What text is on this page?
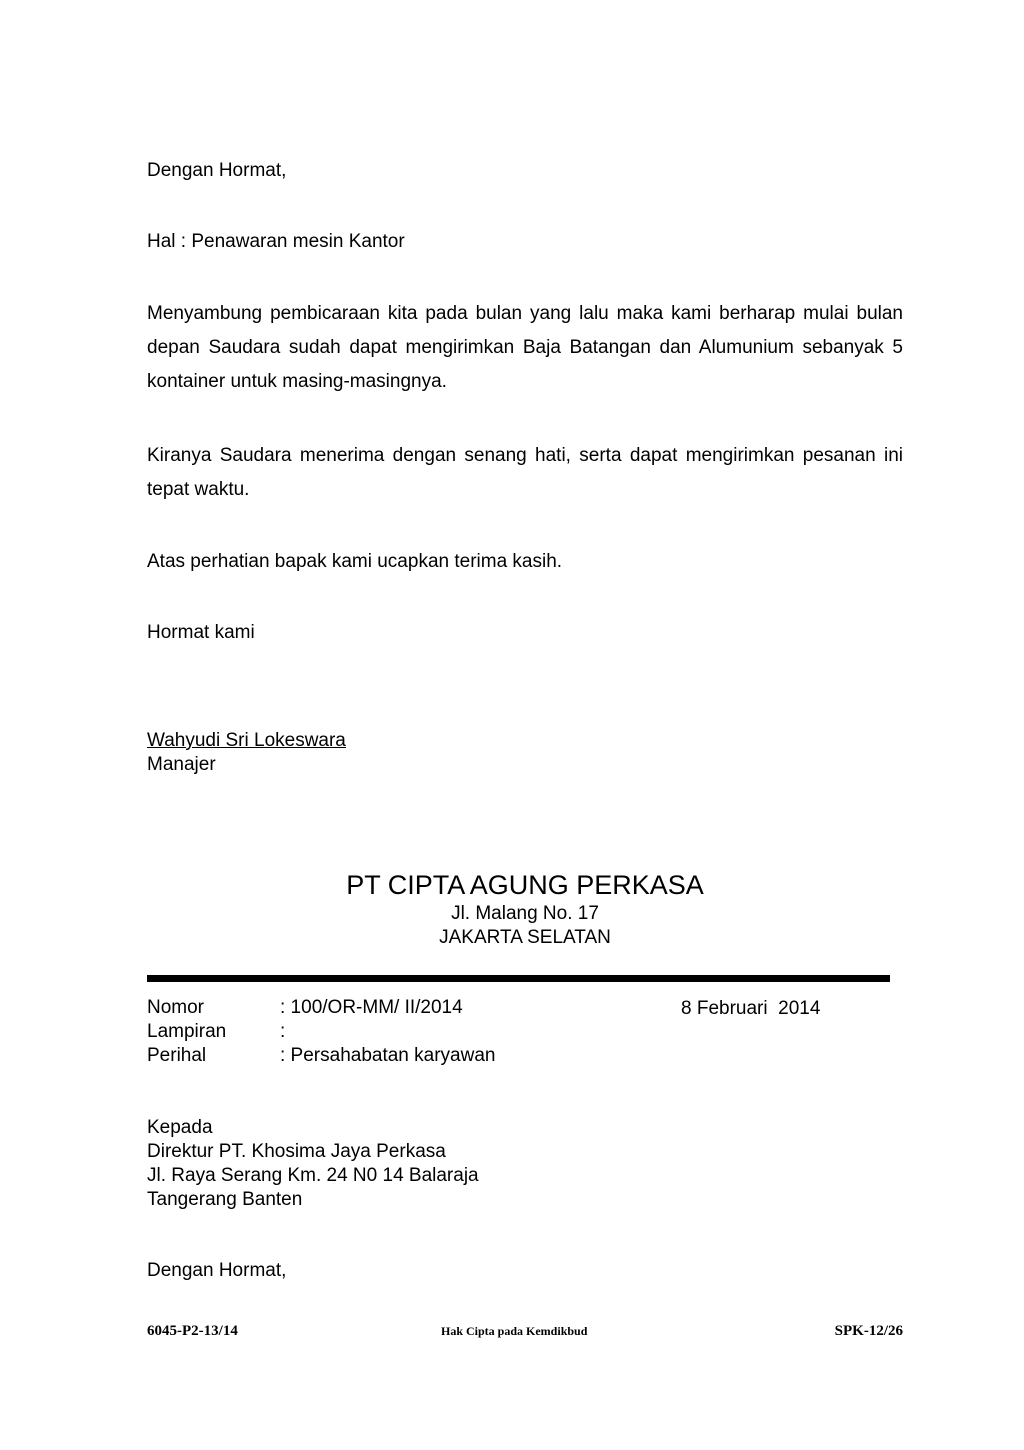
Dengan Hormat,
Hal : Penawaran mesin Kantor
Menyambung pembicaraan kita pada bulan yang lalu maka kami berharap mulai bulan depan Saudara sudah dapat mengirimkan Baja Batangan dan Alumunium sebanyak 5 kontainer untuk masing-masingnya.
Kiranya Saudara menerima dengan senang hati, serta dapat mengirimkan pesanan ini tepat waktu.
Atas perhatian bapak kami ucapkan terima kasih.
Hormat kami
Wahyudi Sri Lokeswara
Manajer
PT CIPTA AGUNG PERKASA
Jl. Malang No. 17
JAKARTA SELATAN
Nomor	: 100/OR-MM/ II/2014	8 Februari  2014
Lampiran	:
Perihal	: Persahabatan karyawan
Kepada
Direktur PT. Khosima Jaya Perkasa
Jl. Raya Serang Km. 24 N0 14 Balaraja
Tangerang Banten
Dengan Hormat,
6045-P2-13/14	Hak Cipta pada Kemdikbud	SPK-12/26
